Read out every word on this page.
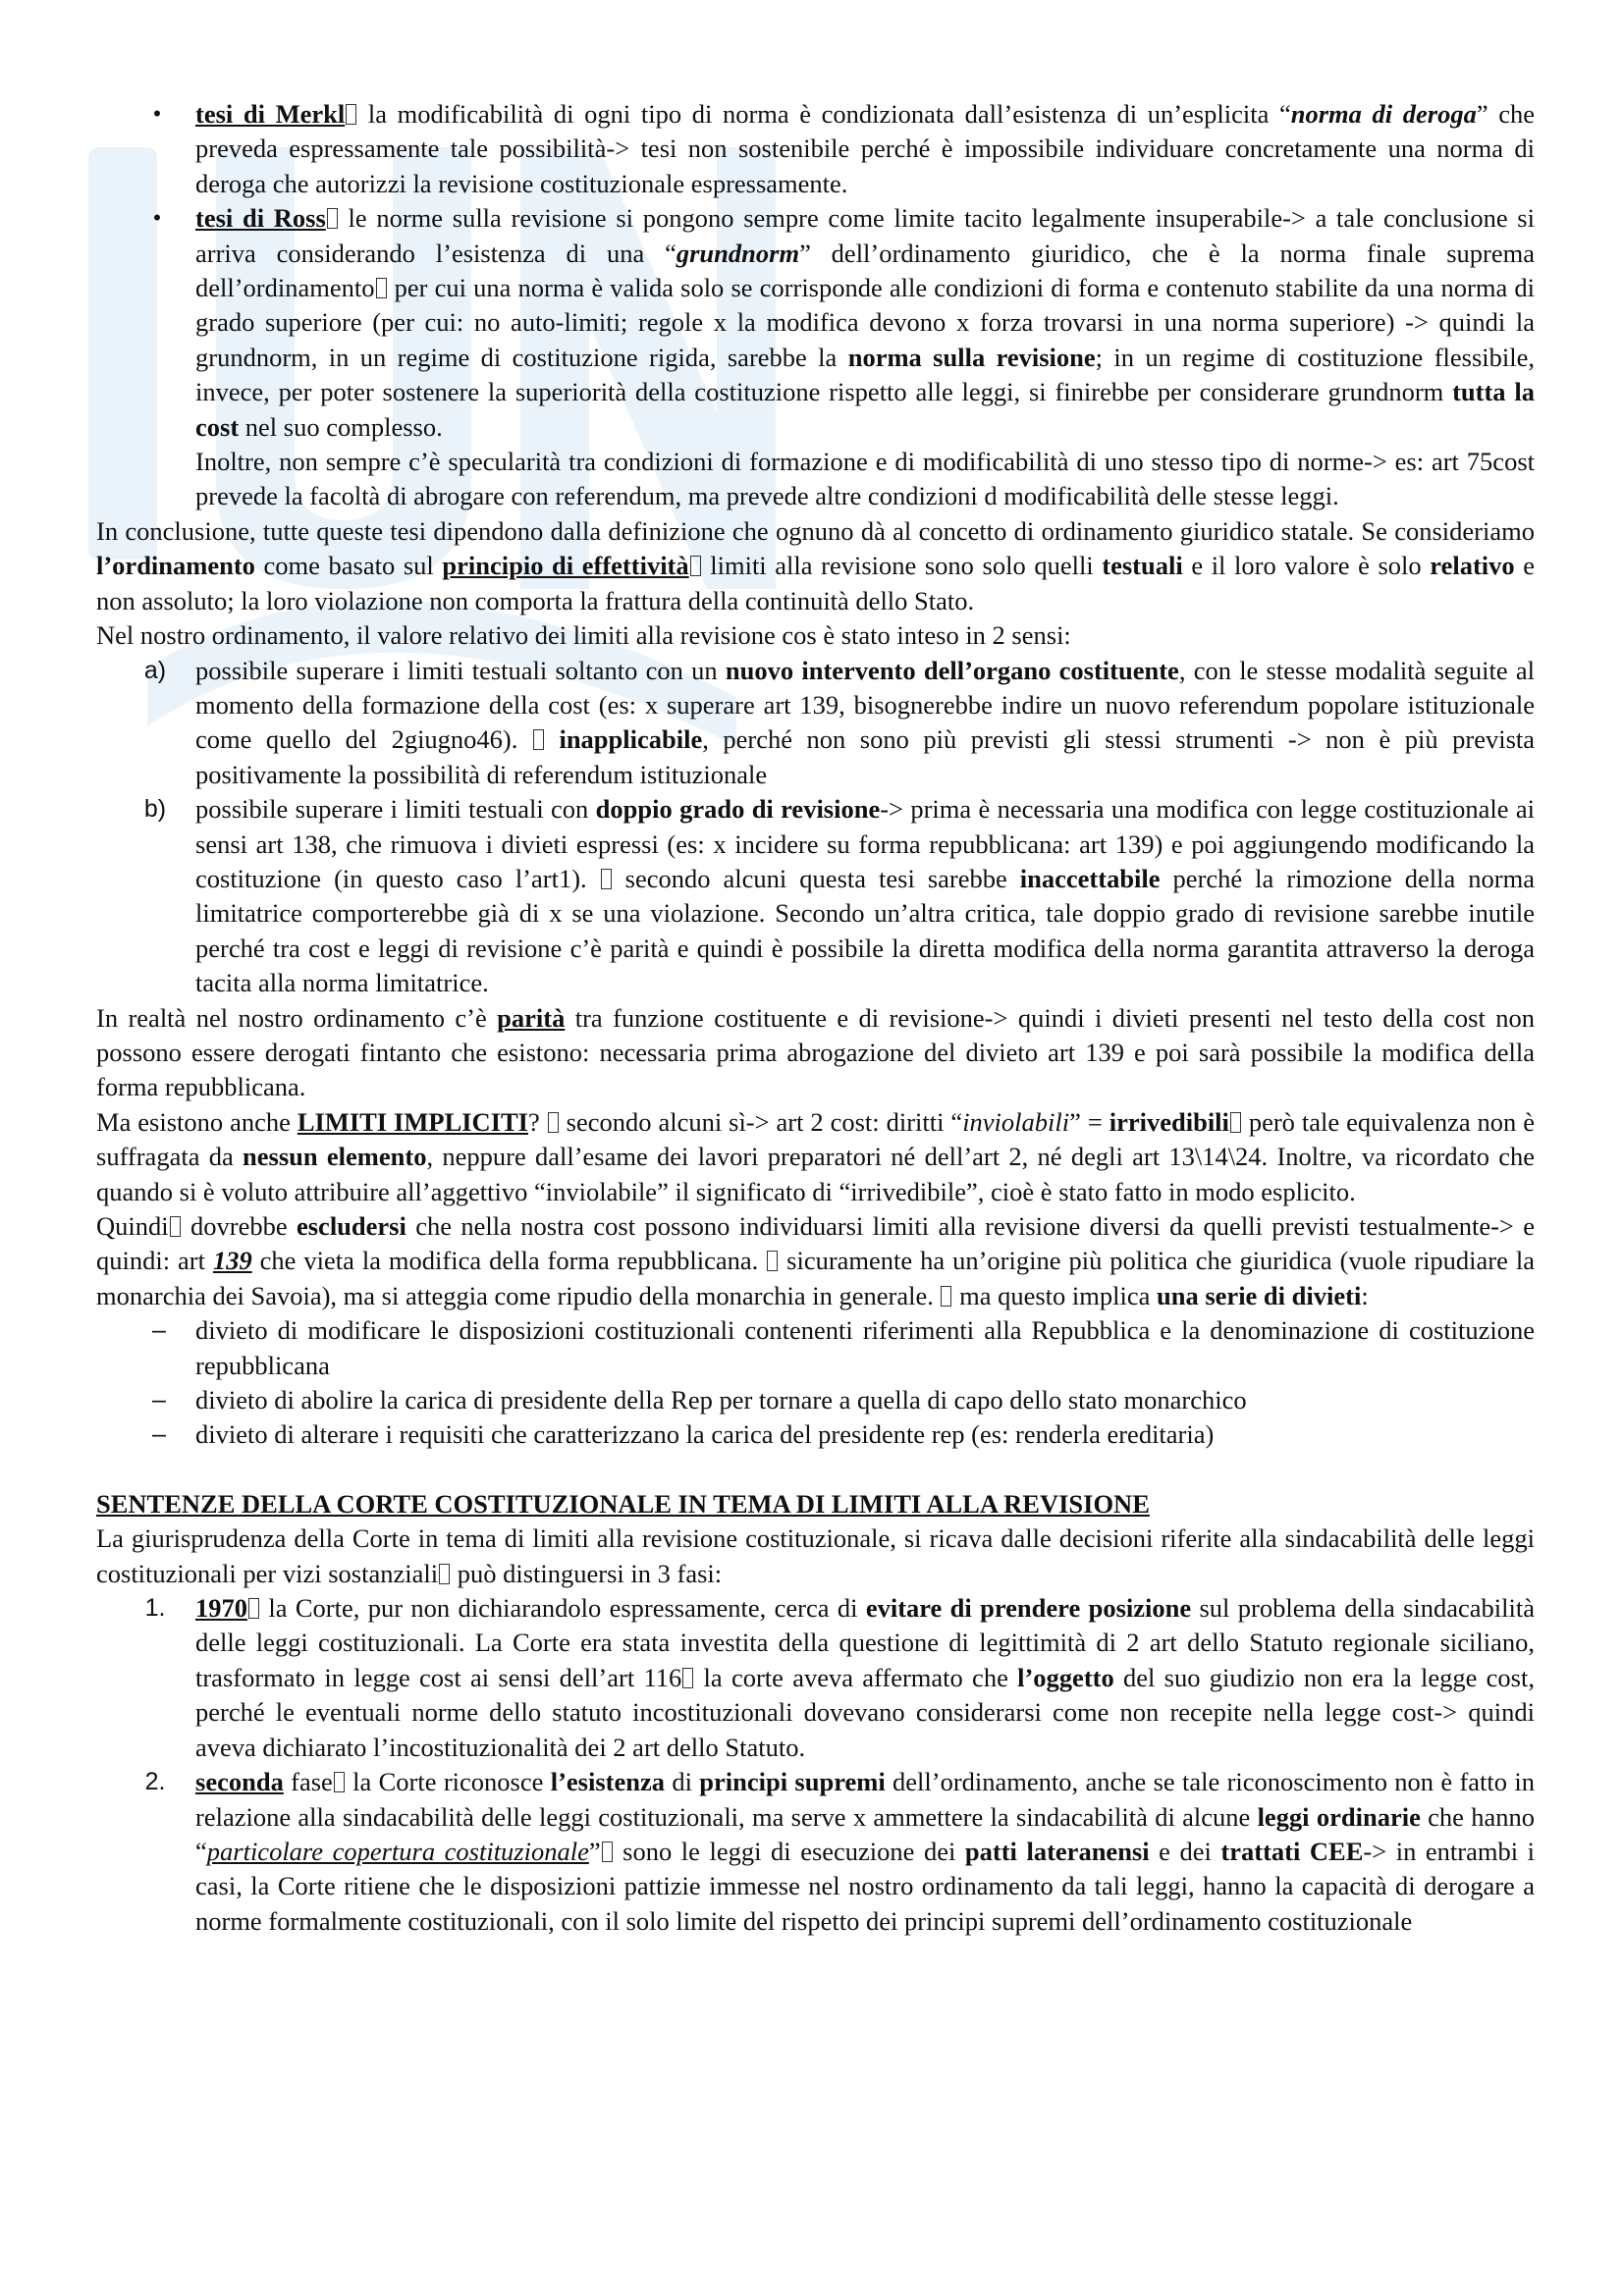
•	tesi di Merkl la modificabilità di ogni tipo di norma è condizionata dall’esistenza di un’esplicita “norma di deroga” che preveda espressamente tale possibilità-> tesi non sostenibile perché è impossibile individuare concretamente una norma di deroga che autorizzi la revisione costituzionale espressamente.

•	tesi di Ross le norme sulla revisione si pongono sempre come limite tacito legalmente insuperabile-> a tale conclusione si arriva considerando l’esistenza di una “grundnorm” dell’ordinamento giuridico, che è la norma finale suprema dell’ordinamento per cui una norma è valida solo se corrisponde alle condizioni di forma e contenuto stabilite da una norma di grado superiore (per cui: no auto-limiti; regole x la modifica devono x forza trovarsi in una norma superiore) -> quindi la grundnorm, in un regime di costituzione rigida, sarebbe la norma sulla revisione; in un regime di costituzione flessibile, invece, per poter sostenere la superiorità della costituzione rispetto alle leggi, si finirebbe per considerare grundnorm tutta la cost nel suo complesso.

Inoltre, non sempre c’è specularità tra condizioni di formazione e di modificabilità di uno stesso tipo di norme-> es: art 75cost prevede la facoltà di abrogare con referendum, ma prevede altre condizioni d modificabilità delle stesse leggi.

In conclusione, tutte queste tesi dipendono dalla definizione che ognuno dà al concetto di ordinamento giuridico statale. Se consideriamo l’ordinamento come basato sul principio di effettività limiti alla revisione sono solo quelli testuali e il loro valore è solo relativo e non assoluto; la loro violazione non comporta la frattura della continuità dello Stato.

Nel nostro ordinamento, il valore relativo dei limiti alla revisione cos è stato inteso in 2 sensi:

a) possibile superare i limiti testuali soltanto con un nuovo intervento dell’organo costituente, con le stesse modalità seguite al momento della formazione della cost (es: x superare art 139, bisognerebbe indire un nuovo referendum popolare istituzionale come quello del 2giugno46).  inapplicabile, perché non sono più previsti gli stessi strumenti -> non è più prevista positivamente la possibilità di referendum istituzionale

b) possibile superare i limiti testuali con doppio grado di revisione-> prima è necessaria una modifica con legge costituzionale ai sensi art 138, che rimuova i divieti espressi (es: x incidere su forma repubblicana: art 139) e poi aggiungendo modificando la costituzione (in questo caso l’art1).  secondo alcuni questa tesi sarebbe inaccettabile perché la rimozione della norma limitatrice comporterebbe già di x se una violazione. Secondo un’altra critica, tale doppio grado di revisione sarebbe inutile perché tra cost e leggi di revisione c’è parità e quindi è possibile la diretta modifica della norma garantita attraverso la deroga tacita alla norma limitatrice.

In realtà nel nostro ordinamento c’è parità tra funzione costituente e di revisione-> quindi i divieti presenti nel testo della cost non possono essere derogati fintanto che esistono: necessaria prima abrogazione del divieto art 139 e poi sarà possibile la modifica della forma repubblicana.

Ma esistono anche LIMITI IMPLICITI?  secondo alcuni sì-> art 2 cost: diritti “inviolabili” = irrivedibili però tale equivalenza non è suffragata da nessun elemento, neppure dall’esame dei lavori preparatori né dell’art 2, né degli art 13\14\24. Inoltre, va ricordato che quando si è voluto attribuire all’aggettivo “inviolabile” il significato di “irrivedibile”, cioè è stato fatto in modo esplicito.

Quindi dovrebbe escludersi che nella nostra cost possono individuarsi limiti alla revisione diversi da quelli previsti testualmente-> e quindi: art 139 che vieta la modifica della forma repubblicana.  sicuramente ha un’origine più politica che giuridica (vuole ripudiare la monarchia dei Savoia), ma si atteggia come ripudio della monarchia in generale.  ma questo implica una serie di divieti:

–	divieto di modificare le disposizioni costituzionali contenenti riferimenti alla Repubblica e la denominazione di costituzione repubblicana

–	divieto di abolire la carica di presidente della Rep per tornare a quella di capo dello stato monarchico

–	divieto di alterare i requisiti che caratterizzano la carica del presidente rep (es: renderla ereditaria)

SENTENZE DELLA CORTE COSTITUZIONALE IN TEMA DI LIMITI ALLA REVISIONE

La giurisprudenza della Corte in tema di limiti alla revisione costituzionale, si ricava dalle decisioni riferite alla sindacabilità delle leggi costituzionali per vizi sostanziali può distinguersi in 3 fasi:

1. 1970 la Corte, pur non dichiarandolo espressamente, cerca di evitare di prendere posizione sul problema della sindacabilità delle leggi costituzionali. La Corte era stata investita della questione di legittimità di 2 art dello Statuto regionale siciliano, trasformato in legge cost ai sensi dell’art 116 la corte aveva affermato che l’oggetto del suo giudizio non era la legge cost, perché le eventuali norme dello statuto incostituzionali dovevano considerarsi come non recepite nella legge cost-> quindi aveva dichiarato l’incostituzionalità dei 2 art dello Statuto.

2. seconda fase la Corte riconosce l’esistenza di principi supremi dell’ordinamento, anche se tale riconoscimento non è fatto in relazione alla sindacabilità delle leggi costituzionali, ma serve x ammettere la sindacabilità di alcune leggi ordinarie che hanno “particolare copertura costituzionale” sono le leggi di esecuzione dei patti lateranensi e dei trattati CEE-> in entrambi i casi, la Corte ritiene che le disposizioni pattizie immesse nel nostro ordinamento da tali leggi, hanno la capacità di derogare a norme formalmente costituzionali, con il solo limite del rispetto dei principi supremi dell’ordinamento costituzionale
